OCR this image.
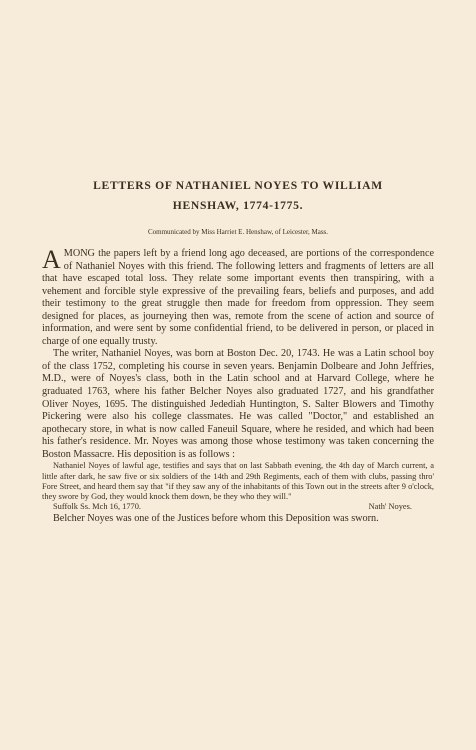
LETTERS OF NATHANIEL NOYES TO WILLIAM
HENSHAW, 1774-1775.
Communicated by Miss Harriet E. Henshaw, of Leicester, Mass.

AMONG the papers left by a friend long ago deceased, are portions of the correspondence of Nathaniel Noyes with this friend. The following letters and fragments of letters are all that have escaped total loss. They relate some important events then transpiring, with a vehement and forcible style expressive of the prevailing fears, beliefs and purposes, and add their testimony to the great struggle then made for freedom from oppression. They seem designed for places, as journeying then was, remote from the scene of action and source of information, and were sent by some confidential friend, to be delivered in person, or placed in charge of one equally trusty.

The writer, Nathaniel Noyes, was born at Boston Dec. 20, 1743. He was a Latin school boy of the class 1752, completing his course in seven years. Benjamin Dolbeare and John Jeffries, M.D., were of Noyes's class, both in the Latin school and at Harvard College, where he graduated 1763, where his father Belcher Noyes also graduated 1727, and his grandfather Oliver Noyes, 1695. The distinguished Jedediah Huntington, S. Salter Blowers and Timothy Pickering were also his college classmates. He was called "Doctor," and established an apothecary store, in what is now called Faneuil Square, where he resided, and which had been his father's residence. Mr. Noyes was among those whose testimony was taken concerning the Boston Massacre. His deposition is as follows :

Nathaniel Noyes of lawful age, testifies and says that on last Sabbath evening, the 4th day of March current, a little after dark, he saw five or six soldiers of the 14th and 29th Regiments, each of them with clubs, passing thro' Fore Street, and heard them say that "if they saw any of the inhabitants of this Town out in the streets after 9 o'clock, they swore by God, they would knock them down, be they who they will."

Suffolk Ss. Mch 16, 1770.	Nath' Noyes.

Belcher Noyes was one of the Justices before whom this Deposition was sworn.
